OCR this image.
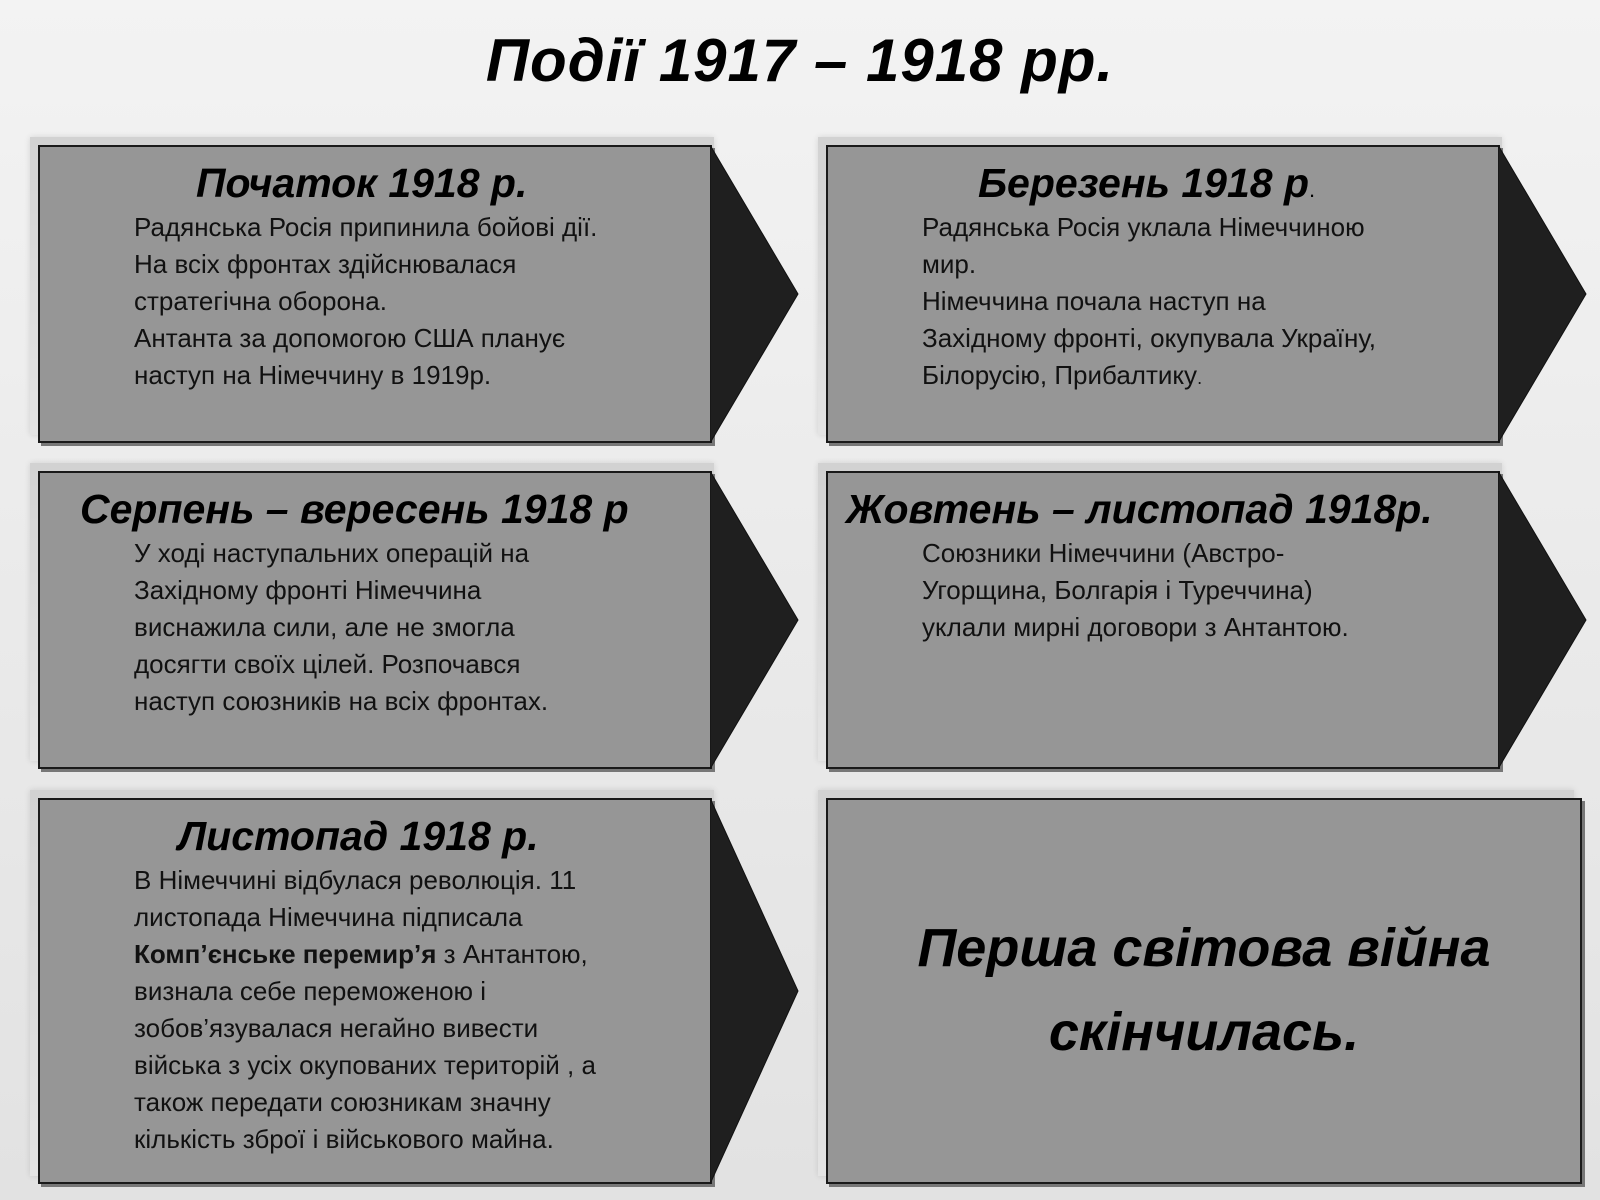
Події 1917 – 1918 рр.
Початок 1918 р.
Радянська Росія припинила бойові дії.
На всіх фронтах здійснювалася
стратегічна оборона.
Антанта за допомогою США планує
наступ на Німеччину в 1919р.
Березень 1918 р.
Радянська Росія уклала Німеччиною
мир.
Німеччина почала наступ на
Західному фронті, окупувала Україну,
Білорусію, Прибалтику.
Серпень – вересень 1918 р
У ході наступальних операцій на
Західному фронті Німеччина
виснажила сили, але не змогла
досягти своїх цілей. Розпочався
наступ союзників на всіх фронтах.
Жовтень – листопад 1918р.
Союзники Німеччини (Австро-
Угорщина, Болгарія і Туреччина)
уклали мирні договори з Антантою.
Листопад 1918 р.
В Німеччині відбулася революція. 11
листопада Німеччина підписала
Комп’єнське перемир’я з Антантою,
визнала себе переможеною і
зобов’язувалася негайно вивести
війська з усіх окупованих територій , а
також передати союзникам значну
кількість зброї і військового майна.
Перша світова війна
скінчилась.
